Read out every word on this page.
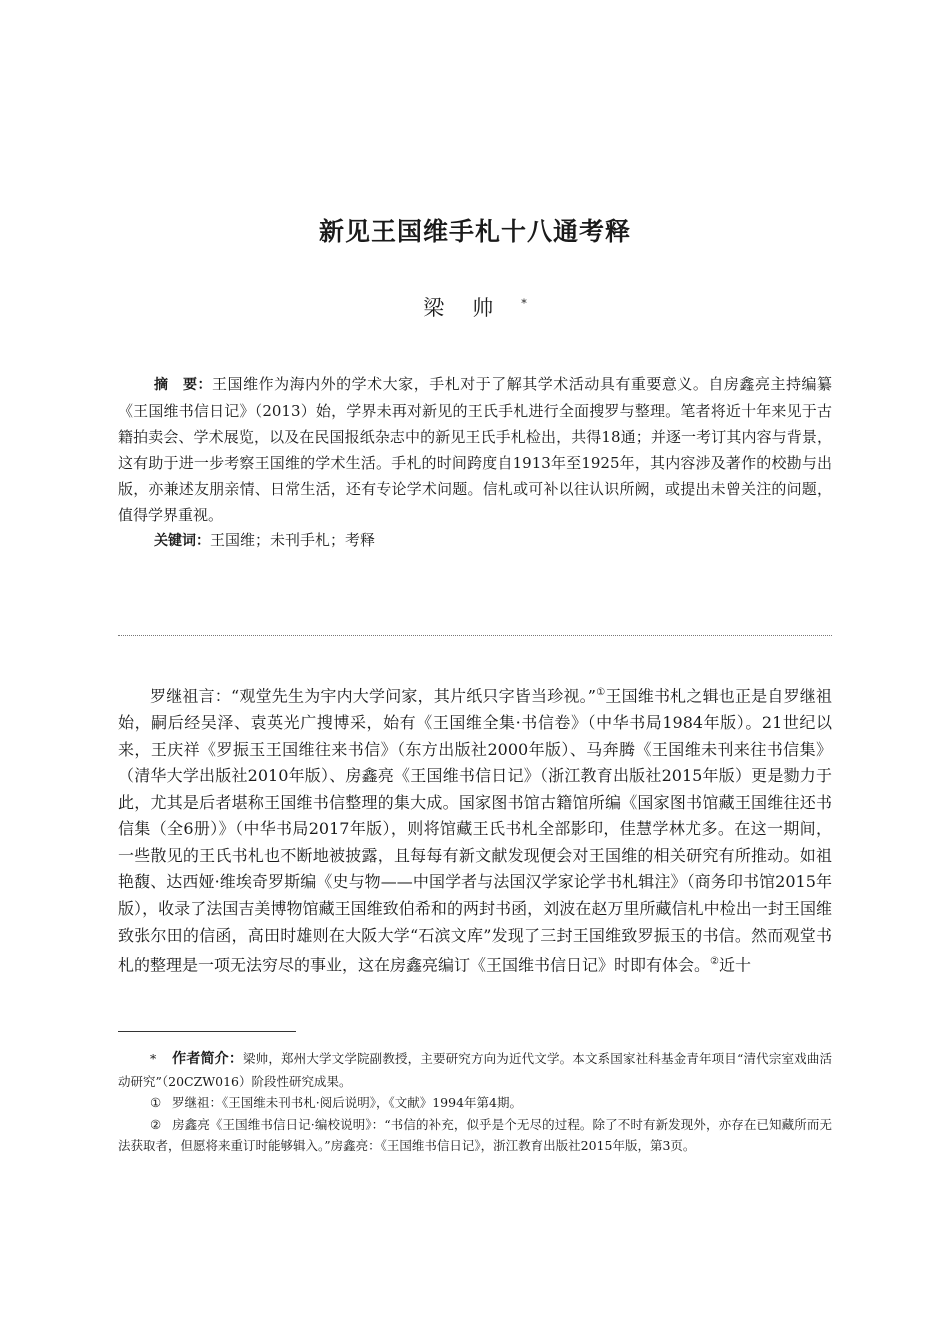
新见王国维手札十八通考释
梁帅*

摘　要：王国维作为海内外的学术大家，手札对于了解其学术活动具有重要意义。自房鑫亮主持编纂《王国维书信日记》（2013）始，学界未再对新见的王氏手札进行全面搜罗与整理。笔者将近十年来见于古籍拍卖会、学术展览，以及在民国报纸杂志中的新见王氏手札检出，共得18通；并逐一考订其内容与背景，这有助于进一步考察王国维的学术生活。手札的时间跨度自1913年至1925年，其内容涉及著作的校勘与出版，亦兼述友朋亲情、日常生活，还有专论学术问题。信札或可补以往认识所阙，或提出未曾关注的问题，值得学界重视。

关键词：王国维；未刊手札；考释

罗继祖言：“观堂先生为宇内大学问家，其片纸只字皆当珍视。”①王国维书札之辑也正是自罗继祖始，嗣后经吴泽、袁英光广搜博采，始有《王国维全集·书信卷》（中华书局1984年版）。21世纪以来，王庆祥《罗振玉王国维往来书信》（东方出版社2000年版）、马奔腾《王国维未刊来往书信集》（清华大学出版社2010年版）、房鑫亮《王国维书信日记》（浙江教育出版社2015年版）更是勠力于此，尤其是后者堪称王国维书信整理的集大成。国家图书馆古籍馆所编《国家图书馆藏王国维往还书信集（全6册）》（中华书局2017年版），则将馆藏王氏书札全部影印，佳慧学林尤多。在这一期间，一些散见的王氏书札也不断地被披露，且每每有新文献发现便会对王国维的相关研究有所推动。如祖艳馥、达西娅·维埃奇罗斯编《史与物——中国学者与法国汉学家论学书札辑注》（商务印书馆2015年版），收录了法国吉美博物馆藏王国维致伯希和的两封书函，刘波在赵万里所藏信札中检出一封王国维致张尔田的信函，高田时雄则在大阪大学“石滨文库”发现了三封王国维致罗振玉的书信。然而观堂书札的整理是一项无法穷尽的事业，这在房鑫亮编订《王国维书信日记》时即有体会。②近十

* 作者简介：梁帅，郑州大学文学院副教授，主要研究方向为近代文学。本文系国家社科基金青年项目“清代宗室戏曲活动研究”（20CZW016）阶段性研究成果。

① 罗继祖：《王国维未刊书札·阅后说明》，《文献》1994年第4期。

② 房鑫亮《王国维书信日记·编校说明》：“书信的补充，似乎是个无尽的过程。除了不时有新发现外，亦存在已知藏所而无法获取者，但愿将来重订时能够辑入。”房鑫亮：《王国维书信日记》，浙江教育出版社2015年版，第3页。
